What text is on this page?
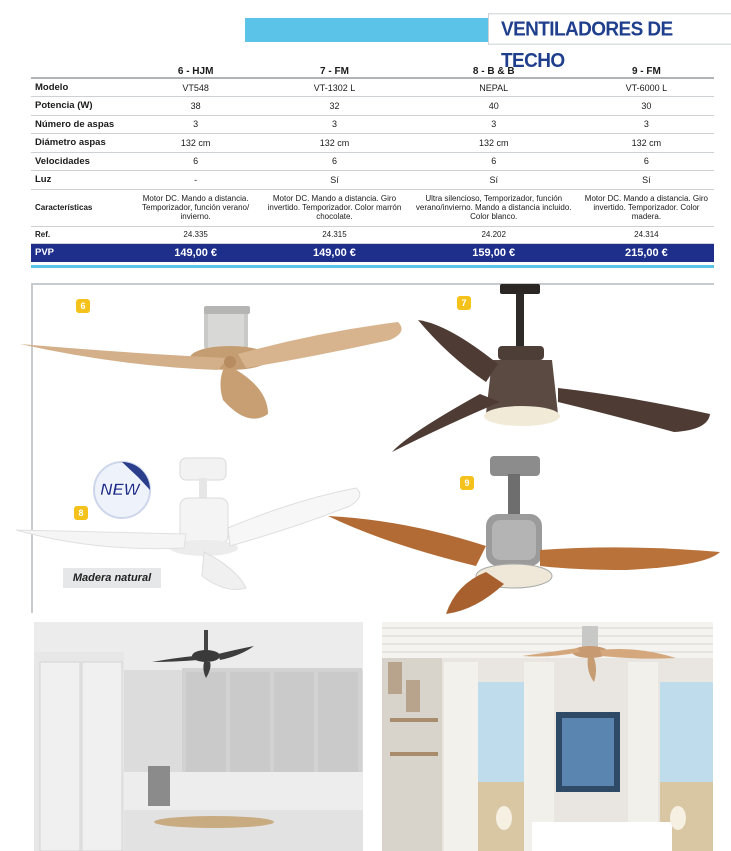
VENTILADORES DE TECHO
	6 - HJM	7 - FM	8 - B & B	9 - FM
Modelo	VT548	VT-1302 L	NEPAL	VT-6000 L
Potencia (W)	38	32	40	30
Número de aspas	3	3	3	3
Diámetro aspas	132 cm	132 cm	132 cm	132 cm
Velocidades	6	6	6	6
Luz	-	Sí	Sí	Sí
Características	Motor DC. Mando a distancia. Temporizador, función verano/ invierno.	Motor DC. Mando a distancia. Giro invertido. Temporizador. Color marrón chocolate.	Ultra silencioso, Temporizador, función verano/invierno. Mando a distancia incluido. Color blanco.	Motor DC. Mando a distancia. Giro invertido. Temporizador. Color madera.
Ref.	24.335	24.315	24.202	24.314
PVP	149,00 €	149,00 €	159,00 €	215,00 €
6	7
8
9
NEW
Madera natural
